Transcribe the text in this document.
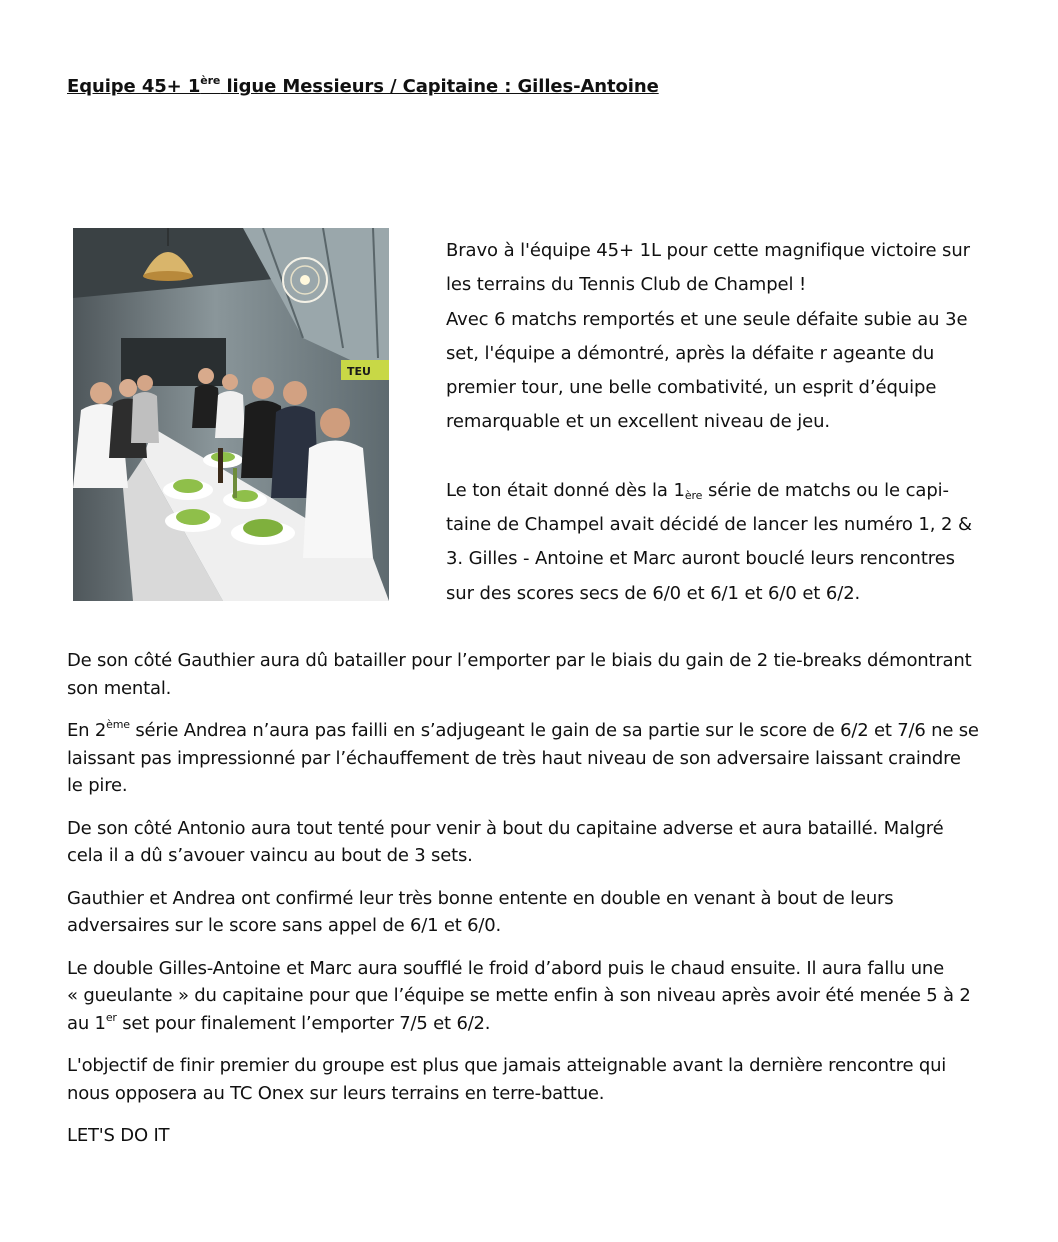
Equipe 45+ 1ère ligue Messieurs / Capitaine : Gilles-Antoine
TEU

Bravo à l'équipe 45+ 1L pour cette magnifique victoire sur

les terrains du Tennis Club de Champel !

Avec 6 matchs remportés et une seule défaite subie au 3e

set, l'équipe a démontré, après la défaite r ageante du

premier tour, une belle combativité, un esprit d’équipe

remarquable et un excellent niveau de jeu.

Le ton était donné dès la $1_{ère}$ série de matchs ou le capi-

taine de Champel avait décidé de lancer les numéro 1, 2 &

3. Gilles - Antoine et Marc auront bouclé leurs rencontres

sur des scores secs de 6/0 et 6/1 et 6/0 et 6/2.

De son côté Gauthier aura dû batailler pour l’emporter par le biais du gain de 2 tie-breaks démontrant
son mental.

En 2ème série Andrea n’aura pas failli en s’adjugeant le gain de sa partie sur le score de 6/2 et 7/6 ne se
laissant pas impressionné par l’échauffement de très haut niveau de son adversaire laissant craindre
le pire.

De son côté Antonio aura tout tenté pour venir à bout du capitaine adverse et aura bataillé. Malgré
cela il a dû s’avouer vaincu au bout de 3 sets.

Gauthier et Andrea ont confirmé leur très bonne entente en double en venant à bout de leurs
adversaires sur le score sans appel de 6/1 et 6/0.

Le double Gilles-Antoine et Marc aura soufflé le froid d’abord puis le chaud ensuite. Il aura fallu une
« gueulante » du capitaine pour que l’équipe se mette enfin à son niveau après avoir été menée 5 à 2
au 1er set pour finalement l’emporter 7/5 et 6/2.

L'objectif de finir premier du groupe est plus que jamais atteignable avant la dernière rencontre qui
nous opposera au TC Onex sur leurs terrains en terre-battue.

LET'S DO IT
